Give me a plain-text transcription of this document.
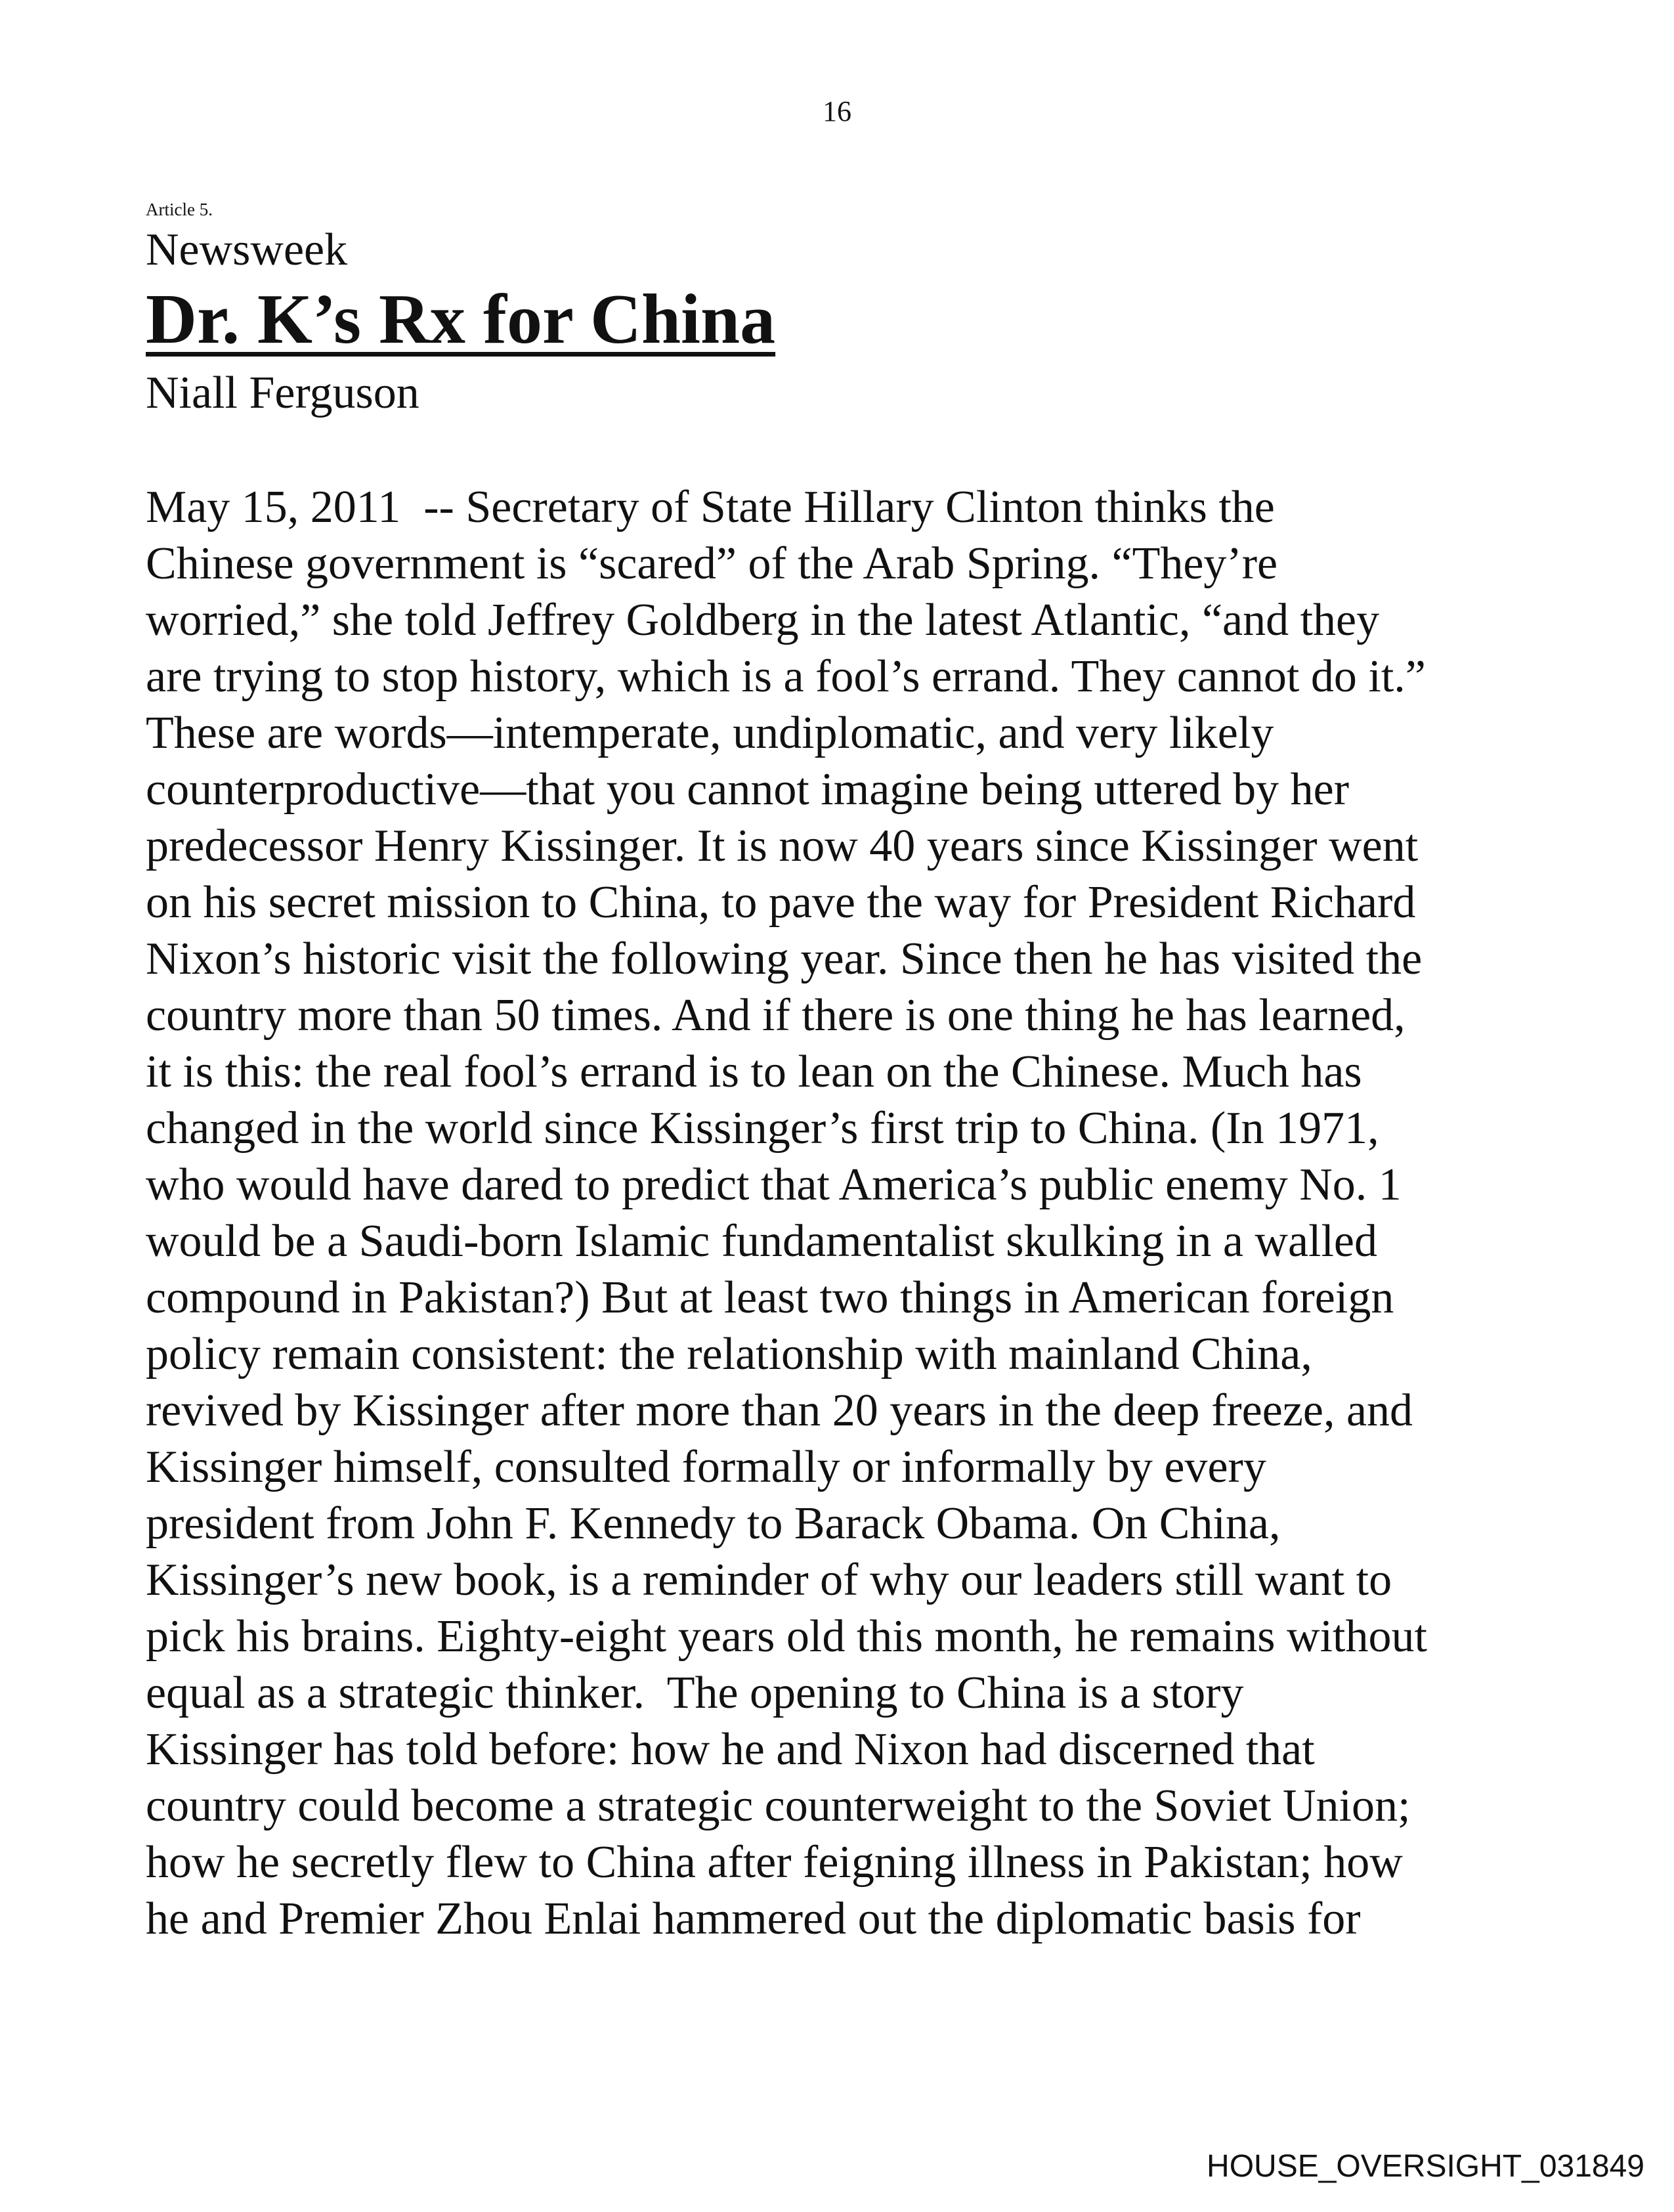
16
Article 5.
Newsweek
Dr. K’s Rx for China
Niall Ferguson
May 15, 2011  -- Secretary of State Hillary Clinton thinks the
Chinese government is “scared” of the Arab Spring. “They’re
worried,” she told Jeffrey Goldberg in the latest Atlantic, “and they
are trying to stop history, which is a fool’s errand. They cannot do it.”
These are words—intemperate, undiplomatic, and very likely
counterproductive—that you cannot imagine being uttered by her
predecessor Henry Kissinger. It is now 40 years since Kissinger went
on his secret mission to China, to pave the way for President Richard
Nixon’s historic visit the following year. Since then he has visited the
country more than 50 times. And if there is one thing he has learned,
it is this: the real fool’s errand is to lean on the Chinese. Much has
changed in the world since Kissinger’s first trip to China. (In 1971,
who would have dared to predict that America’s public enemy No. 1
would be a Saudi-born Islamic fundamentalist skulking in a walled
compound in Pakistan?) But at least two things in American foreign
policy remain consistent: the relationship with mainland China,
revived by Kissinger after more than 20 years in the deep freeze, and
Kissinger himself, consulted formally or informally by every
president from John F. Kennedy to Barack Obama. On China,
Kissinger’s new book, is a reminder of why our leaders still want to
pick his brains. Eighty-eight years old this month, he remains without
equal as a strategic thinker.  The opening to China is a story
Kissinger has told before: how he and Nixon had discerned that
country could become a strategic counterweight to the Soviet Union;
how he secretly flew to China after feigning illness in Pakistan; how
he and Premier Zhou Enlai hammered out the diplomatic basis for
HOUSE_OVERSIGHT_031849
